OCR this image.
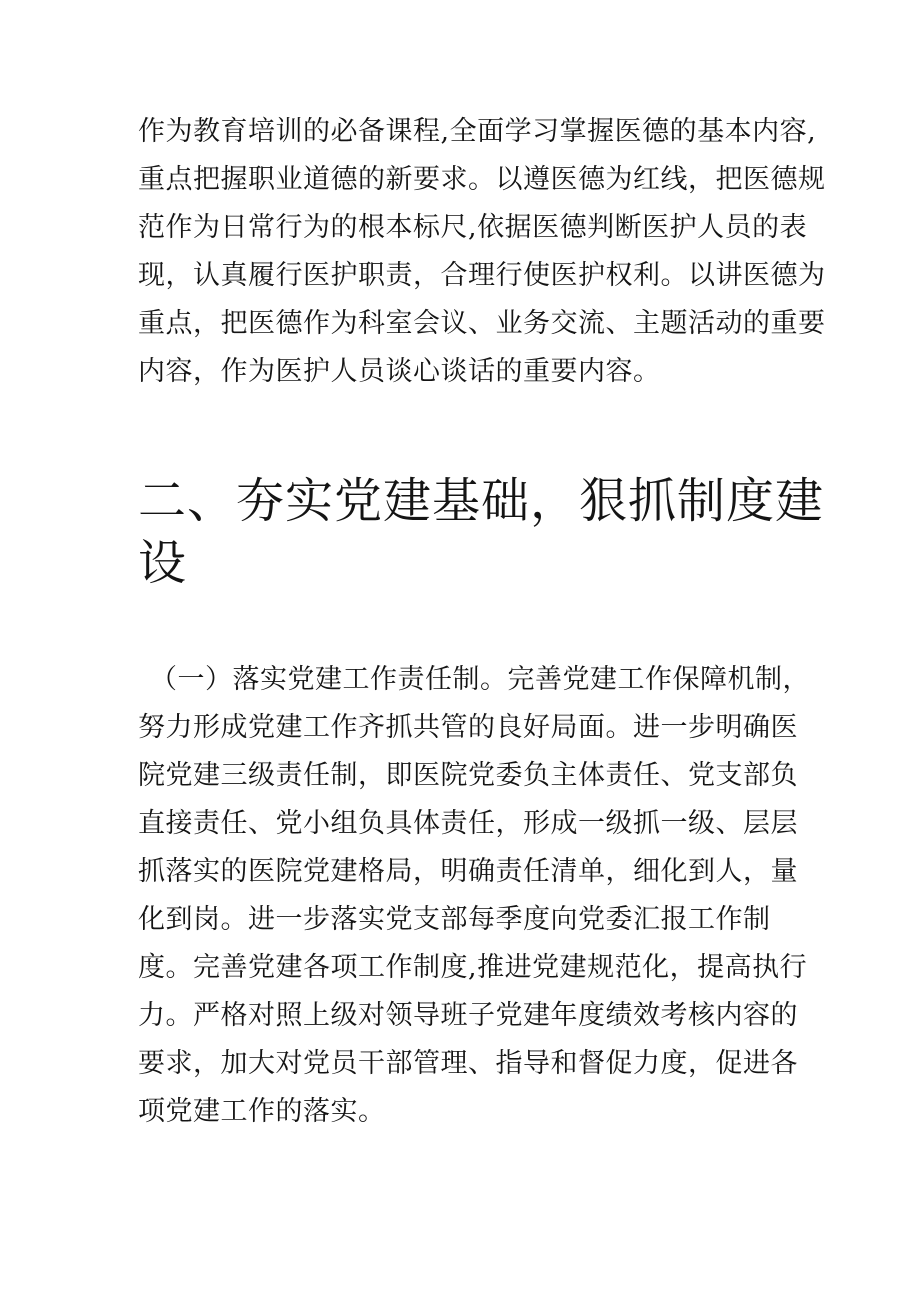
作为教育培训的必备课程,全面学习掌握医德的基本内容,
重点把握职业道德的新要求。以遵医德为红线，把医德规
范作为日常行为的根本标尺,依据医德判断医护人员的表
现，认真履行医护职责，合理行使医护权利。以讲医德为
重点，把医德作为科室会议、业务交流、主题活动的重要
内容，作为医护人员谈心谈话的重要内容。

二、夯实党建基础，狠抓制度建
设

（一）落实党建工作责任制。完善党建工作保障机制，
努力形成党建工作齐抓共管的良好局面。进一步明确医
院党建三级责任制，即医院党委负主体责任、党支部负
直接责任、党小组负具体责任，形成一级抓一级、层层
抓落实的医院党建格局，明确责任清单，细化到人，量
化到岗。进一步落实党支部每季度向党委汇报工作制
度。完善党建各项工作制度,推进党建规范化，提高执行
力。严格对照上级对领导班子党建年度绩效考核内容的
要求，加大对党员干部管理、指导和督促力度，促进各
项党建工作的落实。
